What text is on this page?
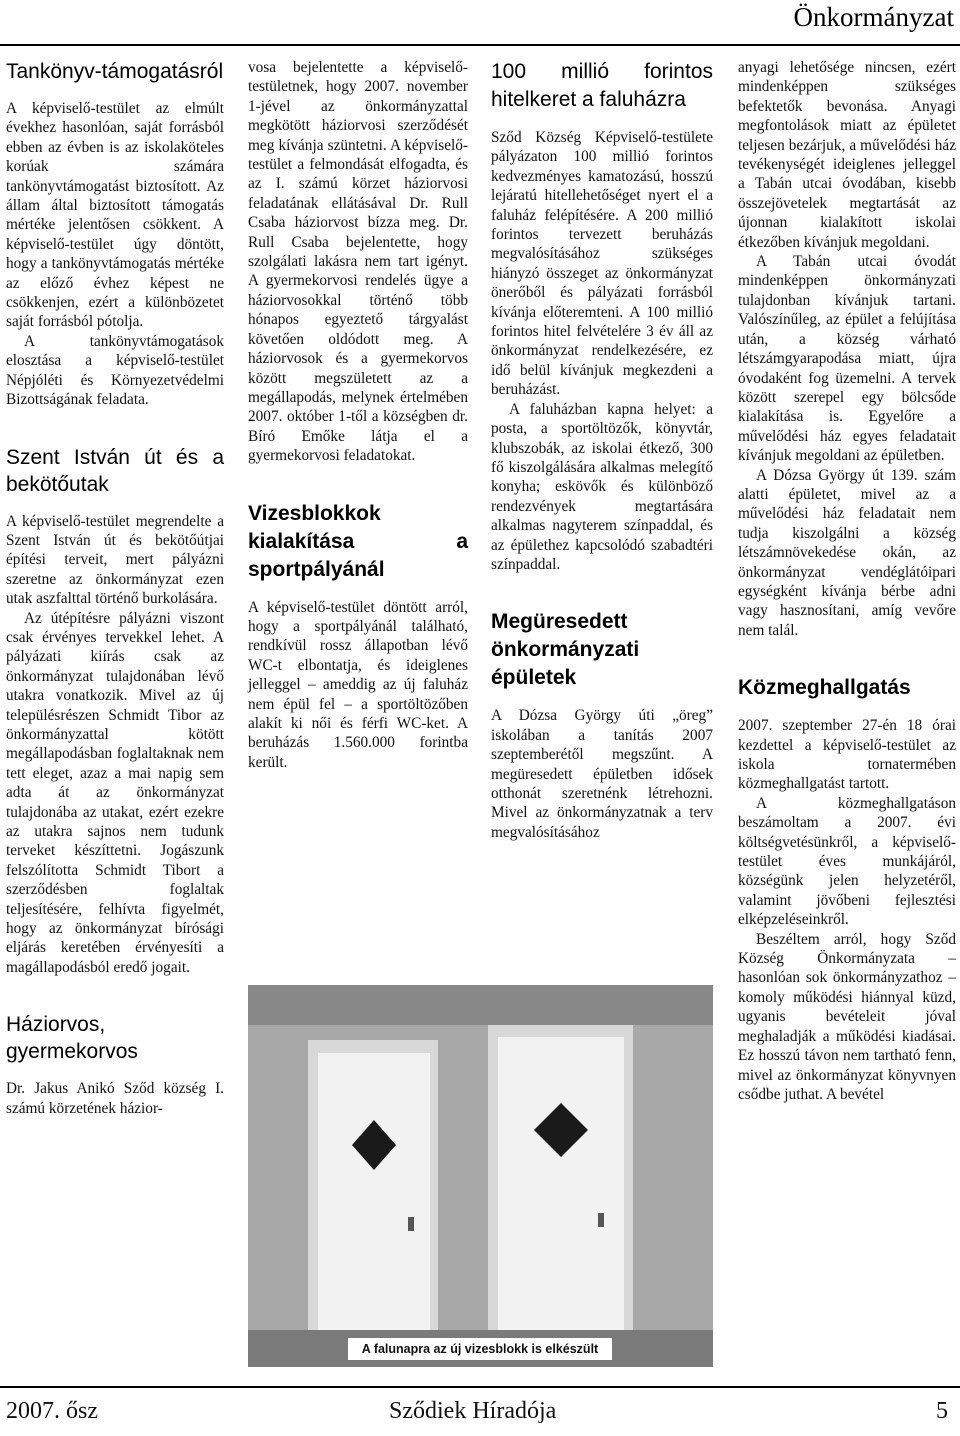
Önkormányzat
Tankönyv-támogatásról

A képviselő-testület az elmúlt évekhez hasonlóan, saját forrásból ebben az évben is az iskolaköteles korúak számára tankönyvtámogatást biztosított. Az állam által biztosított támogatás mértéke jelentősen csökkent. A képviselő-testület úgy döntött, hogy a tankönyvtámogatás mértéke az előző évhez képest ne csökkenjen, ezért a különbözetet saját forrásból pótolja.

A tankönyvtámogatások elosztása a képviselő-testület Népjóléti és Környezetvédelmi Bizottságának feladata.

Szent István út és a bekötőutak

A képviselő-testület megrendelte a Szent István út és bekötőútjai építési terveit, mert pályázni szeretne az önkormányzat ezen utak aszfalttal történő burkolására.

Az útépítésre pályázni viszont csak érvényes tervekkel lehet. A pályázati kiírás csak az önkormányzat tulajdonában lévő utakra vonatkozik. Mivel az új településrészen Schmidt Tibor az önkormányzattal kötött megállapodásban foglaltaknak nem tett eleget, azaz a mai napig sem adta át az önkormányzat tulajdonába az utakat, ezért ezekre az utakra sajnos nem tudunk terveket készíttetni. Jogászunk felszólította Schmidt Tibort a szerződésben foglaltak teljesítésére, felhívta figyelmét, hogy az önkormányzat bírósági eljárás keretében érvényesíti a magállapodásból eredő jogait.

Háziorvos, gyermekorvos

Dr. Jakus Anikó Sződ község I. számú körzetének házior-

vosa bejelentette a képviselő-testületnek, hogy 2007. november 1-jével az önkormányzattal megkötött háziorvosi szerződését meg kívánja szüntetni. A képviselő-testület a felmondását elfogadta, és az I. számú körzet háziorvosi feladatának ellátásával Dr. Rull Csaba háziorvost bízza meg. Dr. Rull Csaba bejelentette, hogy szolgálati lakásra nem tart igényt. A gyermekorvosi rendelés ügye a háziorvosokkal történő több hónapos egyeztető tárgyalást követően oldódott meg. A háziorvosok és a gyermekorvos között megszületett az a megállapodás, melynek értelmében 2007. október 1-től a községben dr. Bíró Emőke látja el a gyermekorvosi feladatokat.

Vizesblokkok kialakítása a sportpályánál

A képviselő-testület döntött arról, hogy a sportpályánál található, rendkívül rossz állapotban lévő WC-t elbontatja, és ideiglenes jelleggel – ameddig az új faluház nem épül fel – a sportöltözőben alakít ki női és férfi WC-ket. A beruházás 1.560.000 forintba került.

100 millió forintos hitelkeret a faluházra

Sződ Község Képviselő-testülete pályázaton 100 millió forintos kedvezményes kamatozású, hosszú lejáratú hitellehetőséget nyert el a faluház felépítésére. A 200 millió forintos tervezett beruházás megvalósításához szükséges hiányzó összeget az önkormányzat önerőből és pályázati forrásból kívánja előteremteni. A 100 millió forintos hitel felvételére 3 év áll az önkormányzat rendelkezésére, ez idő belül kívánjuk megkezdeni a beruházást.

A faluházban kapna helyet: a posta, a sportöltözők, könyvtár, klubszobák, az iskolai étkező, 300 fő kiszolgálására alkalmas melegítő konyha; eskövők és különböző rendezvények megtartására alkalmas nagyterem színpaddal, és az épülethez kapcsolódó szabadtéri színpaddal.

Megüresedett önkormányzati épületek

A Dózsa György úti „öreg” iskolában a tanítás 2007 szeptemberétől megszűnt. A megüresedett épületben idősek otthonát szeretnénk létrehozni. Mivel az önkormányzatnak a terv megvalósításához

anyagi lehetősége nincsen, ezért mindenképpen szükséges befektetők bevonása. Anyagi megfontolások miatt az épületet teljesen bezárjuk, a művelődési ház tevékenységét ideiglenes jelleggel a Tabán utcai óvodában, kisebb összejövetelek megtartását az újonnan kialakított iskolai étkezőben kívánjuk megoldani.

A Tabán utcai óvodát mindenképpen önkormányzati tulajdonban kívánjuk tartani. Valószínűleg, az épület a felújítása után, a község várható létszámgyarapodása miatt, újra óvodaként fog üzemelni. A tervek között szerepel egy bölcsőde kialakítása is. Egyelőre a művelődési ház egyes feladatait kívánjuk megoldani az épületben.

A Dózsa György út 139. szám alatti épületet, mivel az a művelődési ház feladatait nem tudja kiszolgálni a község létszámnövekedése okán, az önkormányzat vendéglátóipari egységként kívánja bérbe adni vagy hasznosítani, amíg vevőre nem talál.

Közmeghallgatás

2007. szeptember 27-én 18 órai kezdettel a képviselő-testület az iskola tornatermében közmeghallgatást tartott.

A közmeghallgatáson beszámoltam a 2007. évi költségvetésünkről, a képviselő-testület éves munkájáról, községünk jelen helyzetéről, valamint jövőbeni fejlesztési elképzeléseinkről.

Beszéltem arról, hogy Sződ Község Önkormányzata – hasonlóan sok önkormányzathoz – komoly működési hiánnyal küzd, ugyanis bevételeit jóval meghaladják a működési kiadásai. Ez hosszú távon nem tartható fenn, mivel az önkormányzat könyvnyen csődbe juthat. A bevétel

A falunapra az új vizesblokk is elkészült
2007. ősz	Sződiek Híradója	5
